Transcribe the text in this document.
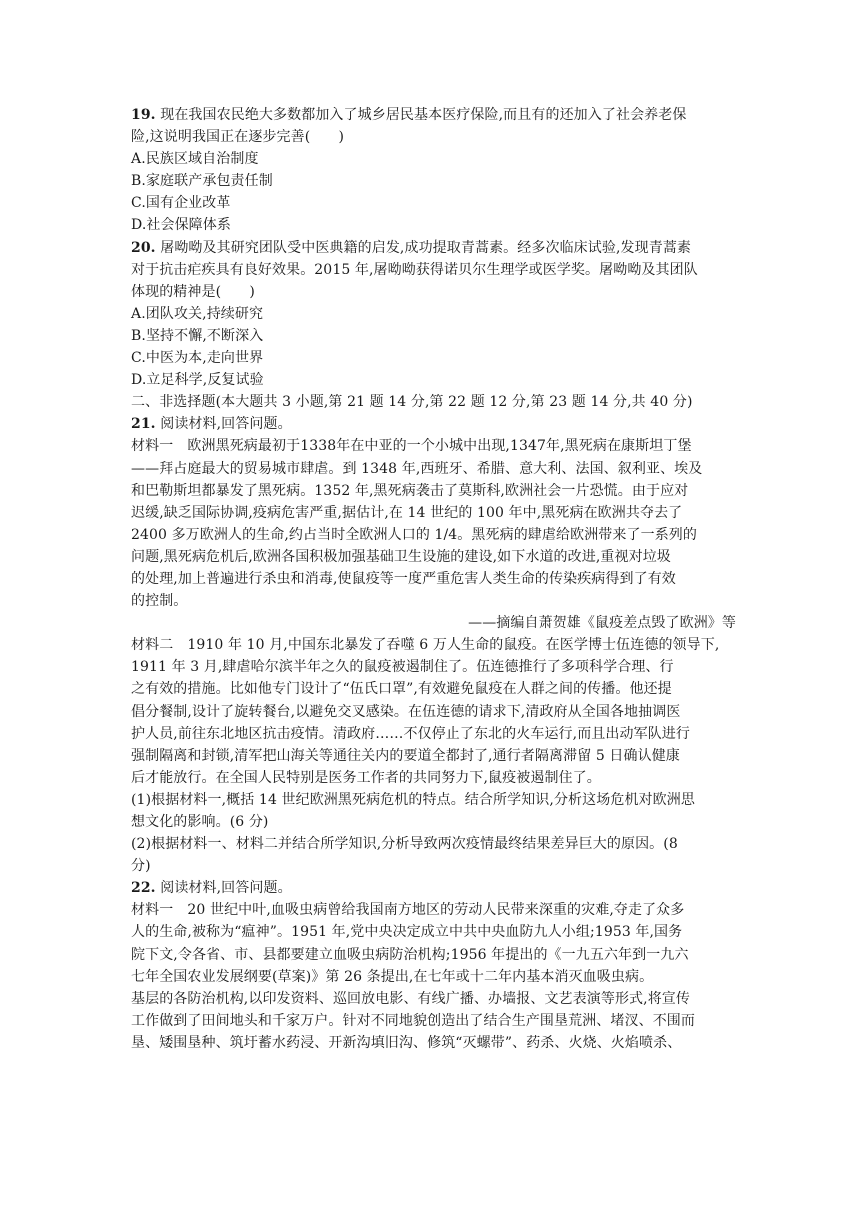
19. 现在我国农民绝大多数都加入了城乡居民基本医疗保险,而且有的还加入了社会养老保
险,这说明我国正在逐步完善(　　)
A.民族区域自治制度
B.家庭联产承包责任制
C.国有企业改革
D.社会保障体系
20. 屠呦呦及其研究团队受中医典籍的启发,成功提取青蒿素。经多次临床试验,发现青蒿素
对于抗击疟疾具有良好效果。2015 年,屠呦呦获得诺贝尔生理学或医学奖。屠呦呦及其团队
体现的精神是(　　)
A.团队攻关,持续研究
B.坚持不懈,不断深入
C.中医为本,走向世界
D.立足科学,反复试验
二、非选择题(本大题共 3 小题,第 21 题 14 分,第 22 题 12 分,第 23 题 14 分,共 40 分)
21. 阅读材料,回答问题。
材料一　欧洲黑死病最初于1338年在中亚的一个小城中出现,1347年,黑死病在康斯坦丁堡
——拜占庭最大的贸易城市肆虐。到 1348 年,西班牙、希腊、意大利、法国、叙利亚、埃及
和巴勒斯坦都暴发了黑死病。1352 年,黑死病袭击了莫斯科,欧洲社会一片恐慌。由于应对
迟缓,缺乏国际协调,疫病危害严重,据估计,在 14 世纪的 100 年中,黑死病在欧洲共夺去了
2400 多万欧洲人的生命,约占当时全欧洲人口的 1/4。黑死病的肆虐给欧洲带来了一系列的
问题,黑死病危机后,欧洲各国积极加强基础卫生设施的建设,如下水道的改进,重视对垃圾
的处理,加上普遍进行杀虫和消毒,使鼠疫等一度严重危害人类生命的传染疾病得到了有效
的控制。
——摘编自萧贺雄《鼠疫差点毁了欧洲》等
材料二　1910 年 10 月,中国东北暴发了吞噬 6 万人生命的鼠疫。在医学博士伍连德的领导下,
1911 年 3 月,肆虐哈尔滨半年之久的鼠疫被遏制住了。伍连德推行了多项科学合理、行
之有效的措施。比如他专门设计了“伍氏口罩”,有效避免鼠疫在人群之间的传播。他还提
倡分餐制,设计了旋转餐台,以避免交叉感染。在伍连德的请求下,清政府从全国各地抽调医
护人员,前往东北地区抗击疫情。清政府……不仅停止了东北的火车运行,而且出动军队进行
强制隔离和封锁,清军把山海关等通往关内的要道全都封了,通行者隔离滞留 5 日确认健康
后才能放行。在全国人民特别是医务工作者的共同努力下,鼠疫被遏制住了。
(1)根据材料一,概括 14 世纪欧洲黑死病危机的特点。结合所学知识,分析这场危机对欧洲思
想文化的影响。(6 分)
(2)根据材料一、材料二并结合所学知识,分析导致两次疫情最终结果差异巨大的原因。(8
分)
22. 阅读材料,回答问题。
材料一　20 世纪中叶,血吸虫病曾给我国南方地区的劳动人民带来深重的灾难,夺走了众多
人的生命,被称为“瘟神”。1951 年,党中央决定成立中共中央血防九人小组;1953 年,国务
院下文,令各省、市、县都要建立血吸虫病防治机构;1956 年提出的《一九五六年到一九六
七年全国农业发展纲要(草案)》第 26 条提出,在七年或十二年内基本消灭血吸虫病。
基层的各防治机构,以印发资料、巡回放电影、有线广播、办墙报、文艺表演等形式,将宣传
工作做到了田间地头和千家万户。针对不同地貌创造出了结合生产围垦荒洲、堵汊、不围而
垦、矮围垦种、筑圩蓄水药浸、开新沟填旧沟、修筑“灭螺带”、药杀、火烧、火焰喷杀、
